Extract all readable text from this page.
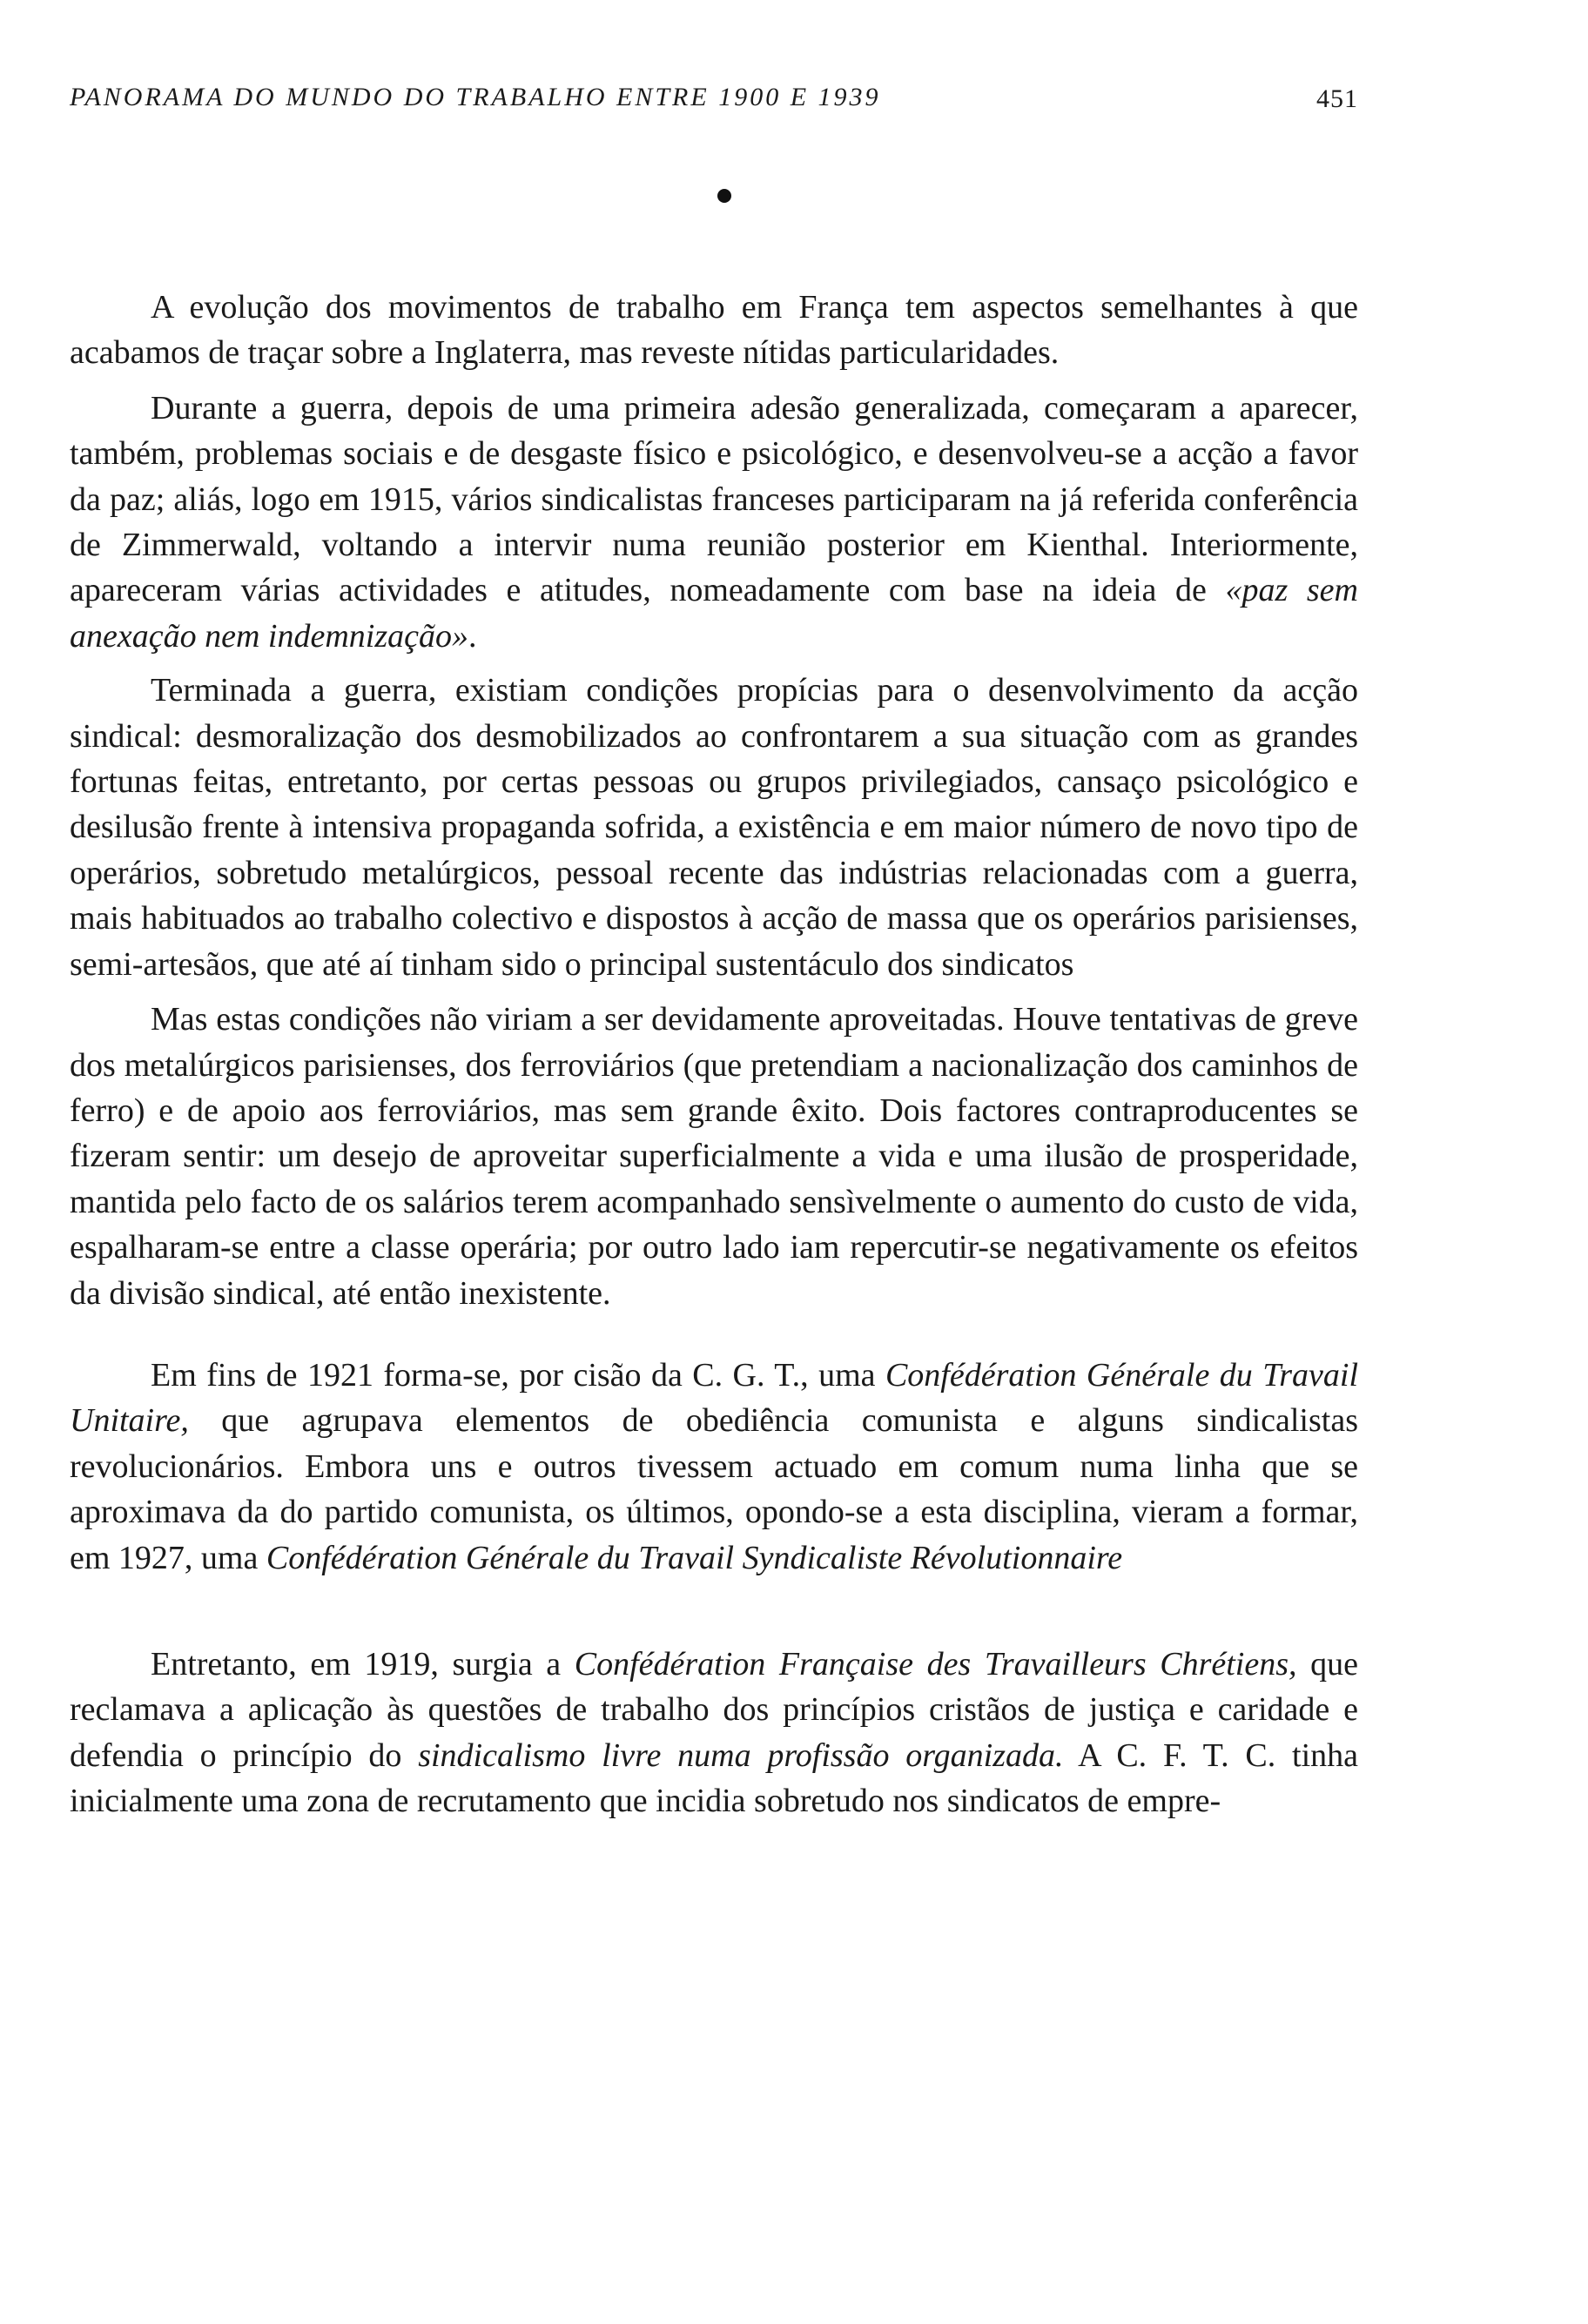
PANORAMA DO MUNDO DO TRABALHO ENTRE 1900 E 1939	451

A evolução dos movimentos de trabalho em França tem aspectos semelhantes à que acabamos de traçar sobre a Inglaterra, mas reveste nítidas particularidades.

Durante a guerra, depois de uma primeira adesão generalizada, começaram a aparecer, também, problemas sociais e de desgaste físico e psicológico, e desenvolveu-se a acção a favor da paz; aliás, logo em 1915, vários sindicalistas franceses participaram na já referida conferência de Zimmerwald, voltando a intervir numa reunião posterior em Kienthal. Interiormente, apareceram várias actividades e atitudes, nomeadamente com base na ideia de «paz sem anexação nem indemnização».

Terminada a guerra, existiam condições propícias para o desenvolvimento da acção sindical: desmoralização dos desmobilizados ao confrontarem a sua situação com as grandes fortunas feitas, entretanto, por certas pessoas ou grupos privilegiados, cansaço psicológico e desilusão frente à intensiva propaganda sofrida, a existência e em maior número de novo tipo de operários, sobretudo metalúrgicos, pessoal recente das indústrias relacionadas com a guerra, mais habituados ao trabalho colectivo e dispostos à acção de massa que os operários parisienses, semi-artesãos, que até aí tinham sido o principal sustentáculo dos sindicatos

Mas estas condições não viriam a ser devidamente aproveitadas. Houve tentativas de greve dos metalúrgicos parisienses, dos ferroviários (que pretendiam a nacionalização dos caminhos de ferro) e de apoio aos ferroviários, mas sem grande êxito. Dois factores contraproducentes se fizeram sentir: um desejo de aproveitar superficialmente a vida e uma ilusão de prosperidade, mantida pelo facto de os salários terem acompanhado sensìvelmente o aumento do custo de vida, espalharam-se entre a classe operária; por outro lado iam repercutir-se negativamente os efeitos da divisão sindical, até então inexistente.

Em fins de 1921 forma-se, por cisão da C. G. T., uma Confédération Générale du Travail Unitaire, que agrupava elementos de obediência comunista e alguns sindicalistas revolucionários. Embora uns e outros tivessem actuado em comum numa linha que se aproximava da do partido comunista, os últimos, opondo-se a esta disciplina, vieram a formar, em 1927, uma Confédération Générale du Travail Syndicaliste Révolutionnaire

Entretanto, em 1919, surgia a Confédération Française des Travailleurs Chrétiens, que reclamava a aplicação às questões de trabalho dos princípios cristãos de justiça e caridade e defendia o princípio do sindicalismo livre numa profissão organizada. A C. F. T. C. tinha inicialmente uma zona de recrutamento que incidia sobretudo nos sindicatos de empre-
